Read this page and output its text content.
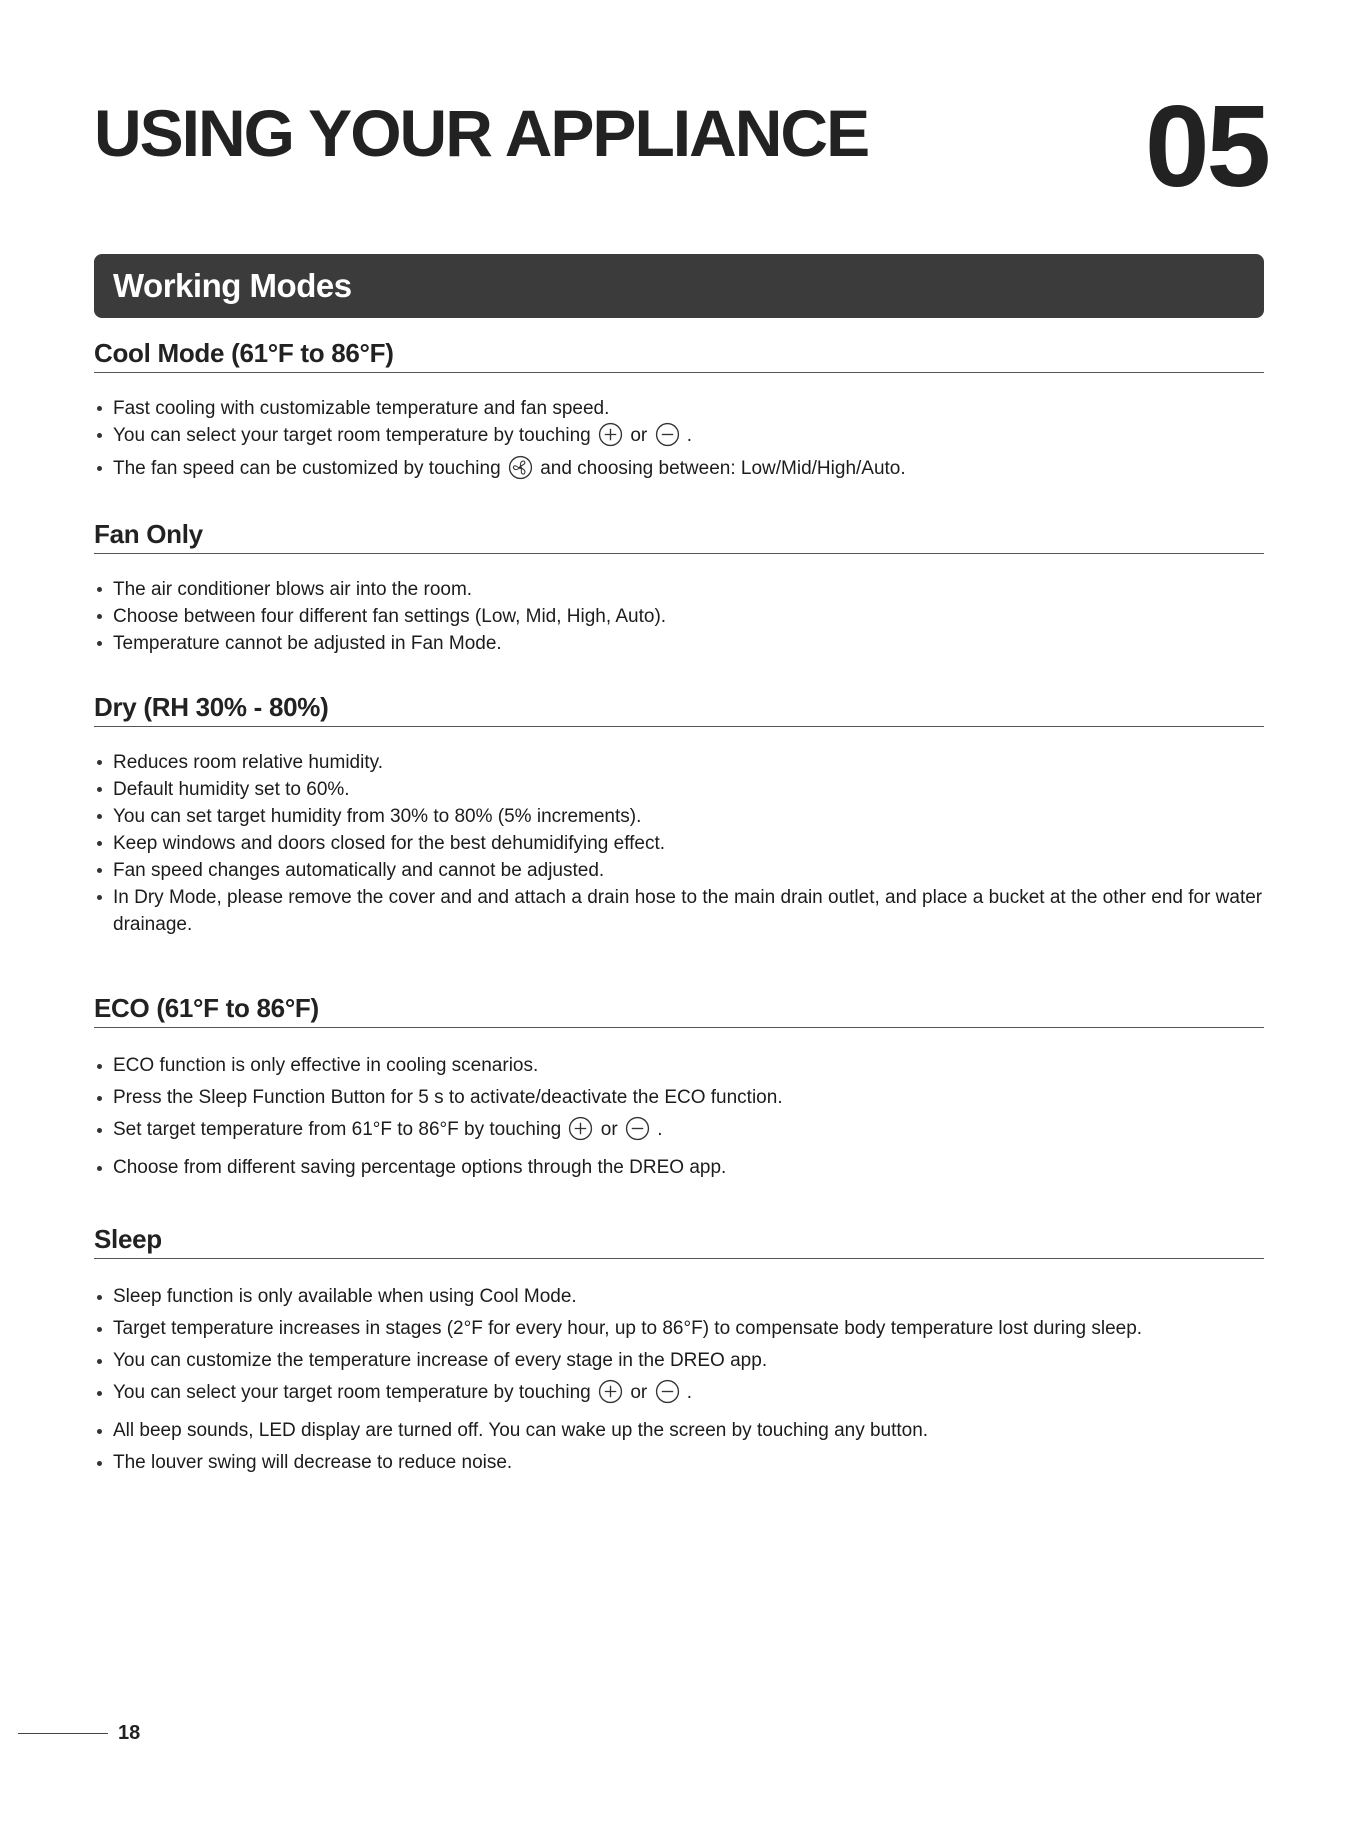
USING YOUR APPLIANCE 05
Working Modes
Cool Mode (61°F to 86°F)
Fast cooling with customizable temperature and fan speed.
You can select your target room temperature by touching or .
The fan speed can be customized by touching and choosing between: Low/Mid/High/Auto.
Fan Only
The air conditioner blows air into the room.
Choose between four different fan settings (Low, Mid, High, Auto).
Temperature cannot be adjusted in Fan Mode.
Dry (RH 30% - 80%)
Reduces room relative humidity.
Default humidity set to 60%.
You can set target humidity from 30% to 80% (5% increments).
Keep windows and doors closed for the best dehumidifying effect.
Fan speed changes automatically and cannot be adjusted.
In Dry Mode, please remove the cover and and attach a drain hose to the main drain outlet, and place a bucket at the other end for water drainage.
ECO (61°F to 86°F)
ECO function is only effective in cooling scenarios.
Press the Sleep Function Button for 5 s to activate/deactivate the ECO function.
Set target temperature from 61°F to 86°F by touching or .
Choose from different saving percentage options through the DREO app.
Sleep
Sleep function is only available when using Cool Mode.
Target temperature increases in stages (2°F for every hour, up to 86°F) to compensate body temperature lost during sleep.
You can customize the temperature increase of every stage in the DREO app.
You can select your target room temperature by touching or .
All beep sounds, LED display are turned off. You can wake up the screen by touching any button.
The louver swing will decrease to reduce noise.
18
